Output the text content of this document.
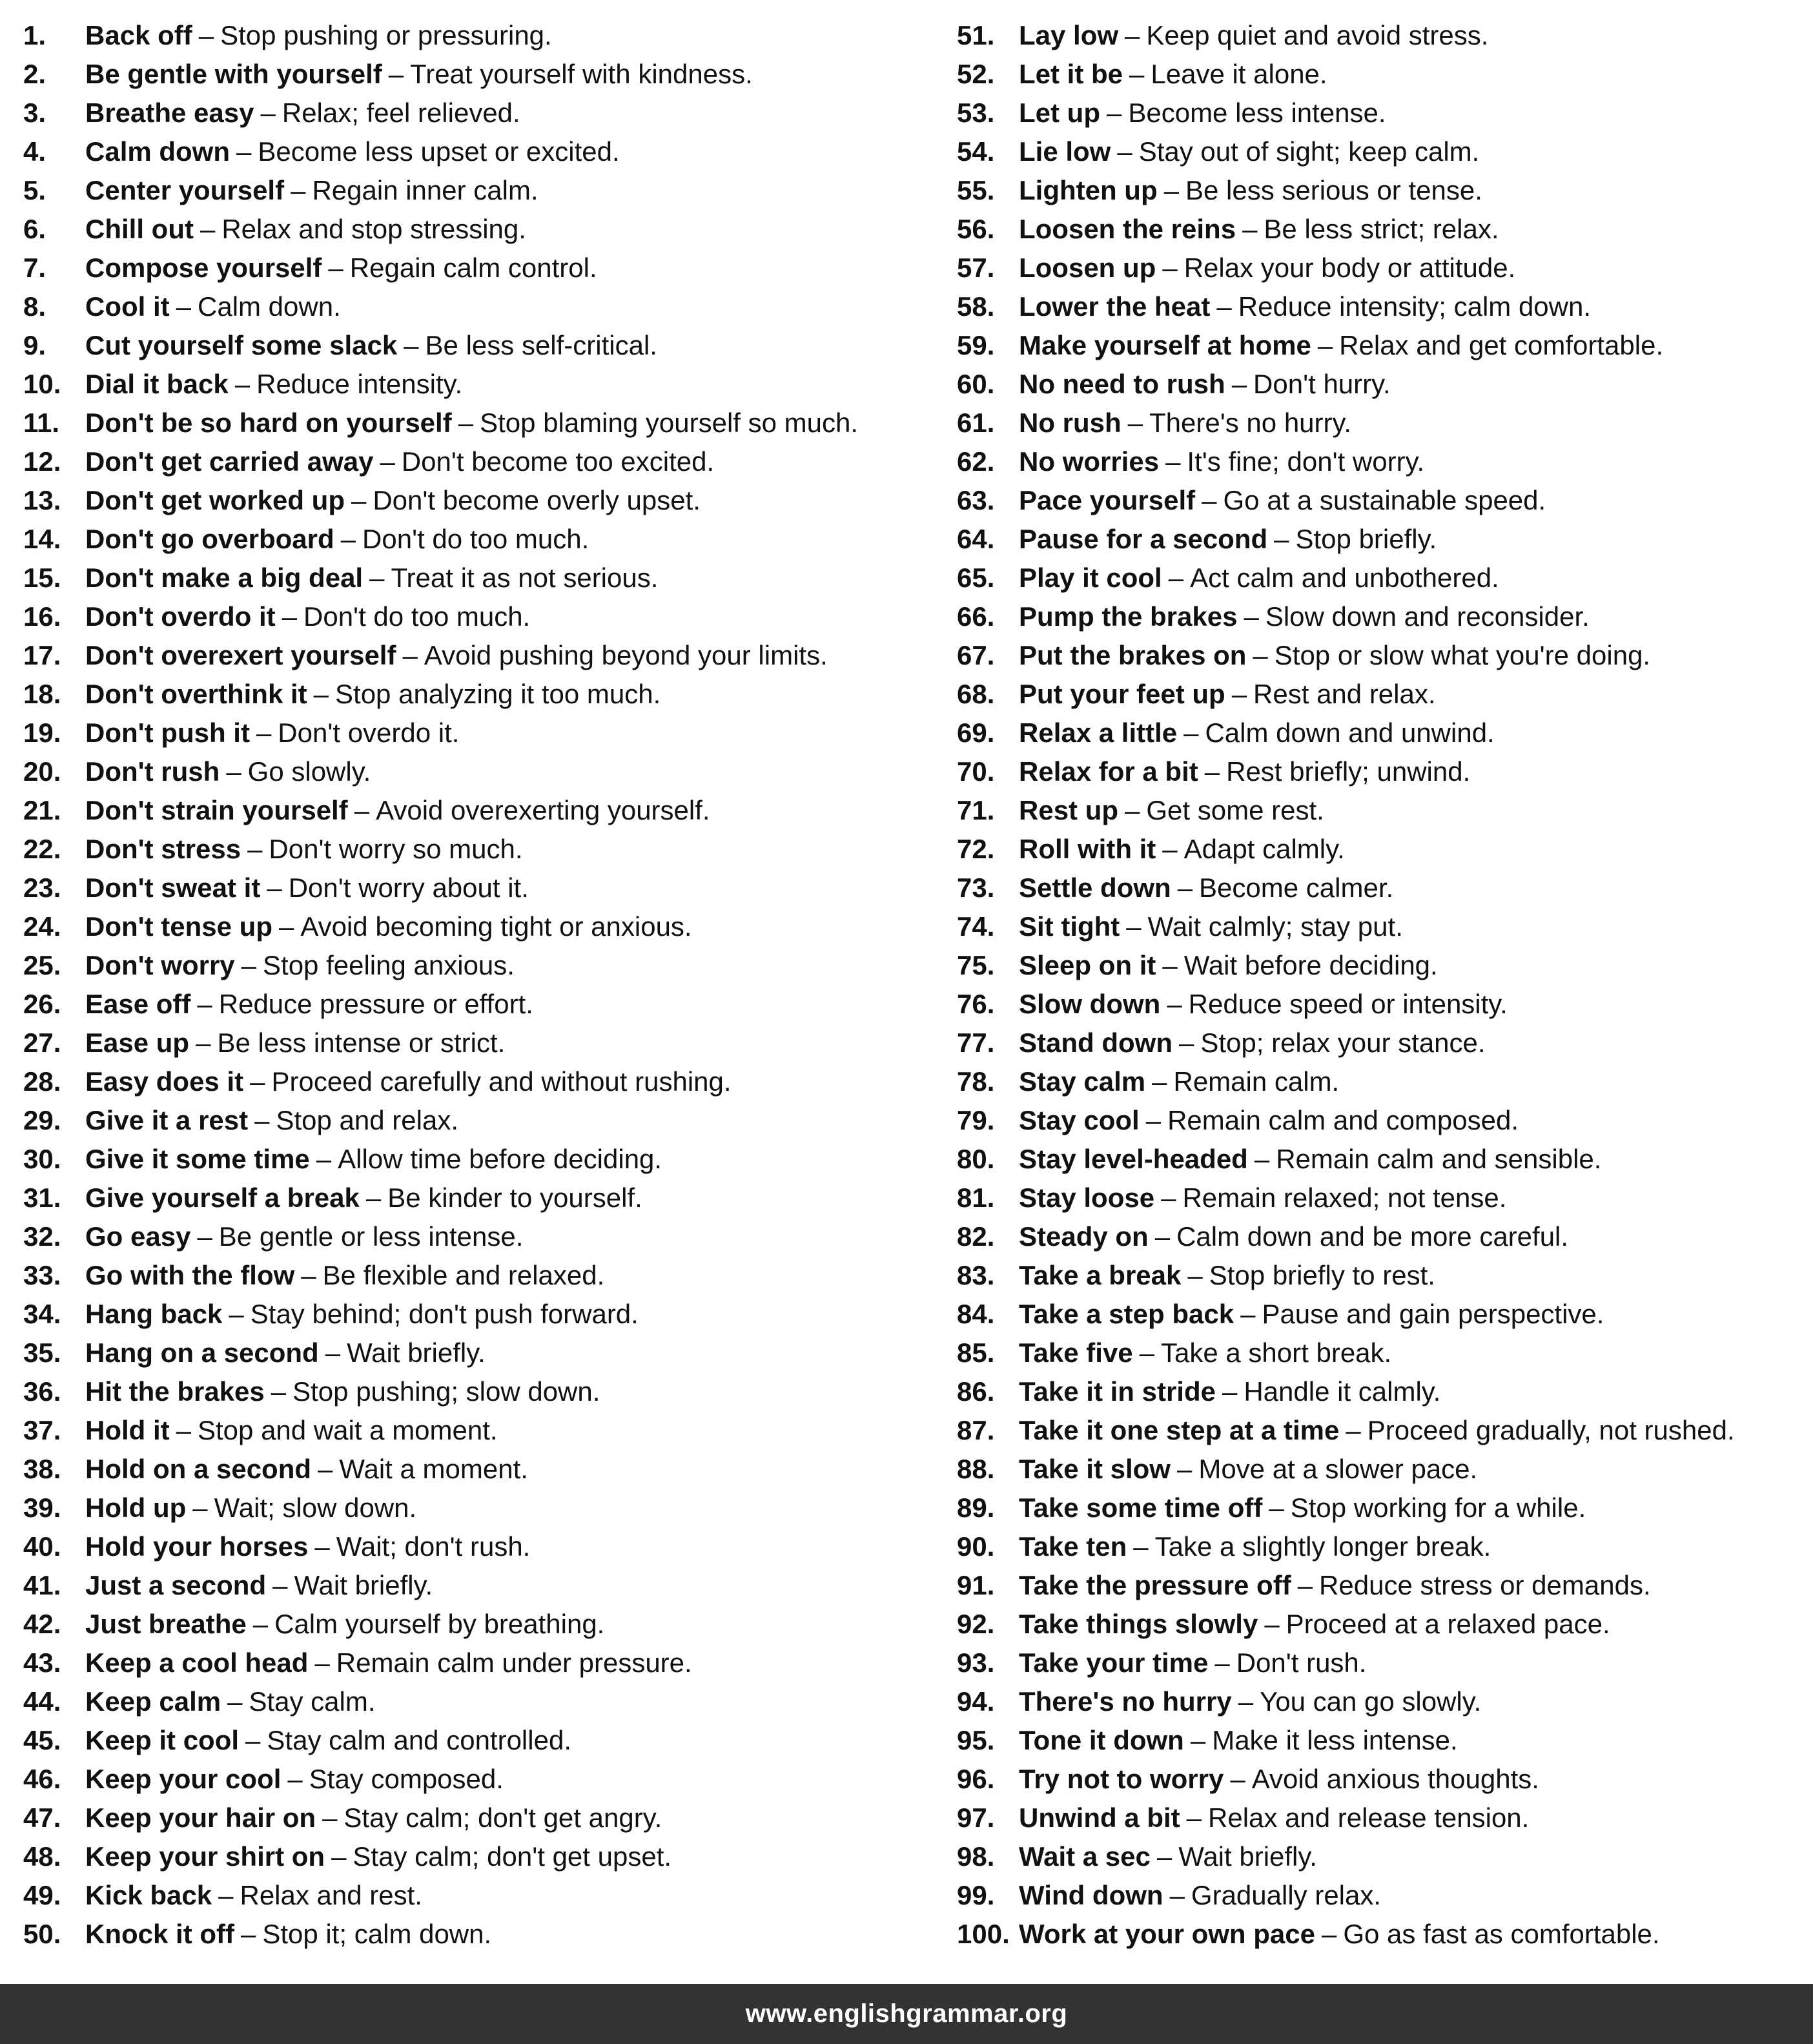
1.	Back off – Stop pushing or pressuring.
2.	Be gentle with yourself – Treat yourself with kindness.
3.	Breathe easy – Relax; feel relieved.
4.	Calm down – Become less upset or excited.
5.	Center yourself – Regain inner calm.
6.	Chill out – Relax and stop stressing.
7.	Compose yourself – Regain calm control.
8.	Cool it – Calm down.
9.	Cut yourself some slack – Be less self-critical.
10. Dial it back – Reduce intensity.
11. Don't be so hard on yourself – Stop blaming yourself so much.
12. Don't get carried away – Don't become too excited.
13. Don't get worked up – Don't become overly upset.
14. Don't go overboard – Don't do too much.
15. Don't make a big deal – Treat it as not serious.
16. Don't overdo it – Don't do too much.
17. Don't overexert yourself – Avoid pushing beyond your limits.
18. Don't overthink it – Stop analyzing it too much.
19. Don't push it – Don't overdo it.
20. Don't rush – Go slowly.
21. Don't strain yourself – Avoid overexerting yourself.
22. Don't stress – Don't worry so much.
23. Don't sweat it – Don't worry about it.
24. Don't tense up – Avoid becoming tight or anxious.
25. Don't worry – Stop feeling anxious.
26. Ease off – Reduce pressure or effort.
27. Ease up – Be less intense or strict.
28. Easy does it – Proceed carefully and without rushing.
29. Give it a rest – Stop and relax.
30. Give it some time – Allow time before deciding.
31. Give yourself a break – Be kinder to yourself.
32. Go easy – Be gentle or less intense.
33. Go with the flow – Be flexible and relaxed.
34. Hang back – Stay behind; don't push forward.
35. Hang on a second – Wait briefly.
36. Hit the brakes – Stop pushing; slow down.
37. Hold it – Stop and wait a moment.
38. Hold on a second – Wait a moment.
39. Hold up – Wait; slow down.
40. Hold your horses – Wait; don't rush.
41. Just a second – Wait briefly.
42. Just breathe – Calm yourself by breathing.
43. Keep a cool head – Remain calm under pressure.
44. Keep calm – Stay calm.
45. Keep it cool – Stay calm and controlled.
46. Keep your cool – Stay composed.
47. Keep your hair on – Stay calm; don't get angry.
48. Keep your shirt on – Stay calm; don't get upset.
49. Kick back – Relax and rest.
50. Knock it off – Stop it; calm down.
51. Lay low – Keep quiet and avoid stress.
52. Let it be – Leave it alone.
53. Let up – Become less intense.
54. Lie low – Stay out of sight; keep calm.
55. Lighten up – Be less serious or tense.
56. Loosen the reins – Be less strict; relax.
57. Loosen up – Relax your body or attitude.
58. Lower the heat – Reduce intensity; calm down.
59. Make yourself at home – Relax and get comfortable.
60. No need to rush – Don't hurry.
61. No rush – There's no hurry.
62. No worries – It's fine; don't worry.
63. Pace yourself – Go at a sustainable speed.
64. Pause for a second – Stop briefly.
65. Play it cool – Act calm and unbothered.
66. Pump the brakes – Slow down and reconsider.
67. Put the brakes on – Stop or slow what you're doing.
68. Put your feet up – Rest and relax.
69. Relax a little – Calm down and unwind.
70. Relax for a bit – Rest briefly; unwind.
71. Rest up – Get some rest.
72. Roll with it – Adapt calmly.
73. Settle down – Become calmer.
74. Sit tight – Wait calmly; stay put.
75. Sleep on it – Wait before deciding.
76. Slow down – Reduce speed or intensity.
77. Stand down – Stop; relax your stance.
78. Stay calm – Remain calm.
79. Stay cool – Remain calm and composed.
80. Stay level-headed – Remain calm and sensible.
81. Stay loose – Remain relaxed; not tense.
82. Steady on – Calm down and be more careful.
83. Take a break – Stop briefly to rest.
84. Take a step back – Pause and gain perspective.
85. Take five – Take a short break.
86. Take it in stride – Handle it calmly.
87. Take it one step at a time – Proceed gradually, not rushed.
88. Take it slow – Move at a slower pace.
89. Take some time off – Stop working for a while.
90. Take ten – Take a slightly longer break.
91. Take the pressure off – Reduce stress or demands.
92. Take things slowly – Proceed at a relaxed pace.
93. Take your time – Don't rush.
94. There's no hurry – You can go slowly.
95. Tone it down – Make it less intense.
96. Try not to worry – Avoid anxious thoughts.
97. Unwind a bit – Relax and release tension.
98. Wait a sec – Wait briefly.
99. Wind down – Gradually relax.
100. Work at your own pace – Go as fast as comfortable.
www.englishgrammar.org
